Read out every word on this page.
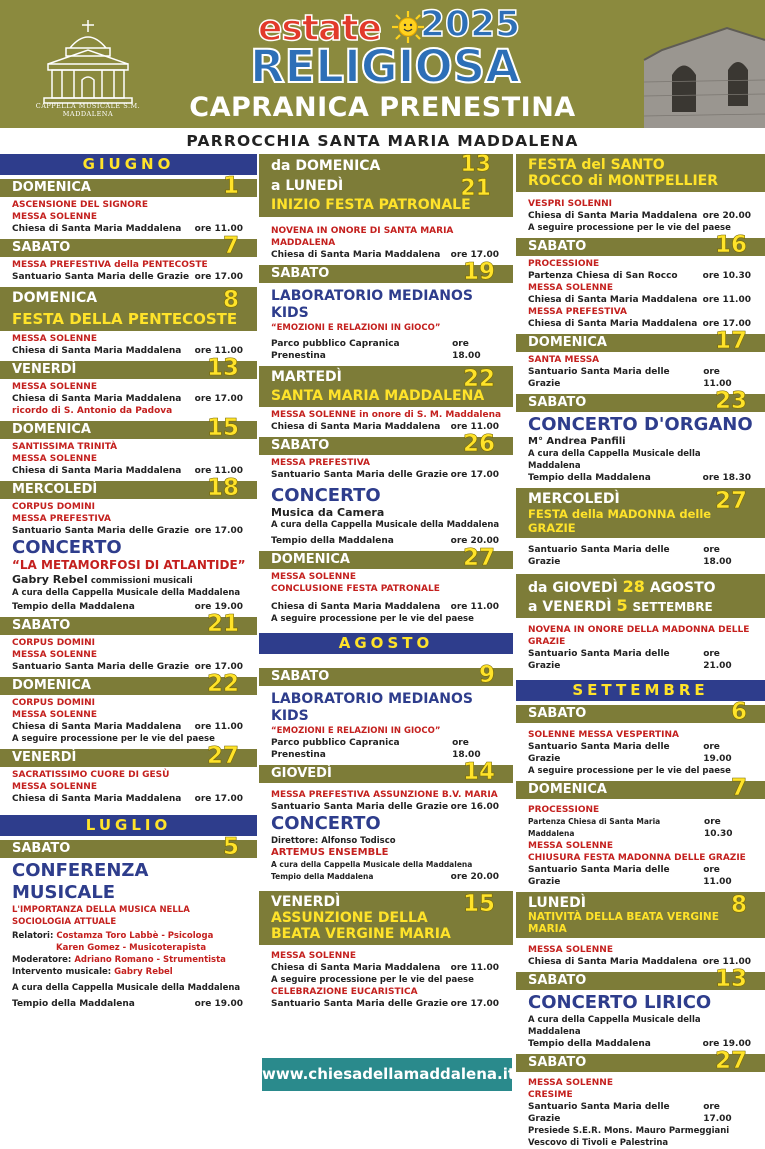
CAPPELLA MUSICALE S.M. MADDALENA
estate 2025
RELIGIOSA
CAPRANICA PRENESTINA
PARROCCHIA SANTA MARIA MADDALENA
GIUGNO
DOMENICA	1
ASCENSIONE DEL SIGNORE
MESSA SOLENNE
Chiesa di Santa Maria Maddalena ore 11.00
SABATO	7
MESSA PREFESTIVA della PENTECOSTE
Santuario Santa Maria delle Grazie ore 17.00
DOMENICA	8
FESTA DELLA PENTECOSTE
MESSA SOLENNE
Chiesa di Santa Maria Maddalena ore 11.00
VENERDÌ	13
MESSA SOLENNE
Chiesa di Santa Maria Maddalena ore 17.00
ricordo di S. Antonio da Padova
DOMENICA	15
SANTISSIMA TRINITÀ
MESSA SOLENNE
Chiesa di Santa Maria Maddalena ore 11.00
MERCOLEDÌ	18
CORPUS DOMINI
MESSA PREFESTIVA
Santuario Santa Maria delle Grazie ore 17.00
CONCERTO
“LA METAMORFOSI DI ATLANTIDE”
Gabry Rebel commissioni musicali
A cura della Cappella Musicale della Maddalena
Tempio della Maddalena	ore 19.00
SABATO	21
CORPUS DOMINI
MESSA SOLENNE
Santuario Santa Maria delle Grazie ore 17.00
DOMENICA	22
CORPUS DOMINI
MESSA SOLENNE
Chiesa di Santa Maria Maddalena ore 11.00
A seguire processione per le vie del paese
VENERDÌ	27
SACRATISSIMO CUORE DI GESÙ
MESSA SOLENNE
Chiesa di Santa Maria Maddalena ore 17.00
LUGLIO
SABATO	5
CONFERENZA MUSICALE
L'IMPORTANZA DELLA MUSICA NELLA SOCIOLOGIA ATTUALE
Relatori: Costamza Toro Labbè - Psicologa
Karen Gomez - Musicoterapista
Moderatore: Adriano Romano - Strumentista
Intervento musicale: Gabry Rebel
A cura della Cappella Musicale della Maddalena
Tempio della Maddalena	ore 19.00
da DOMENICA	13
a LUNEDÌ	21
INIZIO FESTA PATRONALE
NOVENA IN ONORE DI SANTA MARIA MADDALENA
Chiesa di Santa Maria Maddalena ore 17.00
SABATO	19
LABORATORIO MEDIANOS KIDS
“EMOZIONI E RELAZIONI IN GIOCO”
Parco pubblico Capranica Prenestina
ore 18.00
MARTEDÌ	22
SANTA MARIA MADDALENA
MESSA SOLENNE in onore di S. M. Maddalena
Chiesa di Santa Maria Maddalena ore 11.00
SABATO	26
MESSA PREFESTIVA
Santuario Santa Maria delle Grazie ore 17.00
CONCERTO
Musica da Camera
A cura della Cappella Musicale della Maddalena
Tempio della Maddalena	ore 20.00
DOMENICA	27
MESSA SOLENNE
CONCLUSIONE FESTA PATRONALE
Chiesa di Santa Maria Maddalena ore 11.00
A seguire processione per le vie del paese
AGOSTO
SABATO	9
LABORATORIO MEDIANOS KIDS
“EMOZIONI E RELAZIONI IN GIOCO”
Parco pubblico Capranica Prenestina
ore 18.00
GIOVEDÌ	14
MESSA PREFESTIVA ASSUNZIONE B.V. MARIA
Santuario Santa Maria delle Grazie ore 16.00
CONCERTO
Direttore: Alfonso Todisco
ARTEMUS ENSEMBLE
A cura della Cappella Musicale della Maddalena
Tempio della Maddalena	ore 20.00
VENERDÌ	15
ASSUNZIONE DELLA
BEATA VERGINE MARIA
MESSA SOLENNE
Chiesa di Santa Maria Maddalena ore 11.00
A seguire processione per le vie del paese
CELEBRAZIONE EUCARISTICA
Santuario Santa Maria delle Grazie ore 17.00
www.chiesadellamaddalena.it
FESTA del SANTO
ROCCO di MONTPELLIER
VESPRI SOLENNI
Chiesa di Santa Maria Maddalena ore 20.00
A seguire processione per le vie del paese
SABATO	16
PROCESSIONE
Partenza Chiesa di San Rocco	ore 10.30
MESSA SOLENNE
Chiesa di Santa Maria Maddalena ore 11.00
MESSA PREFESTIVA
Chiesa di Santa Maria Maddalena ore 17.00
DOMENICA	17
SANTA MESSA
Santuario Santa Maria delle Grazie
ore 11.00
SABATO	23
CONCERTO D'ORGANO
M° Andrea Panfili
A cura della Cappella Musicale della Maddalena
Tempio della Maddalena	ore 18.30
MERCOLEDÌ	27
FESTA della MADONNA delle GRAZIE
Santuario Santa Maria delle Grazie
ore 18.00
da GIOVEDÌ 28 AGOSTO
a VENERDÌ 5 SETTEMBRE
NOVENA IN ONORE DELLA MADONNA DELLE GRAZIE
Santuario Santa Maria delle Grazie
ore 21.00
SETTEMBRE
SABATO	6
SOLENNE MESSA VESPERTINA
Santuario Santa Maria delle Grazie
ore 19.00
A seguire processione per le vie del paese
DOMENICA	7
PROCESSIONE
Partenza Chiesa di Santa Maria Maddalena
ore 10.30
MESSA SOLENNE
CHIUSURA FESTA MADONNA DELLE GRAZIE
Santuario Santa Maria delle Grazie
ore 11.00
LUNEDÌ	8
NATIVITÀ DELLA BEATA VERGINE MARIA
MESSA SOLENNE
Chiesa di Santa Maria Maddalena ore 11.00
SABATO	13
CONCERTO LIRICO
A cura della Cappella Musicale della Maddalena
Tempio della Maddalena	ore 19.00
SABATO	27
MESSA SOLENNE
CRESIME
Santuario Santa Maria delle Grazie
ore 17.00
Presiede S.E.R. Mons. Mauro Parmeggiani
Vescovo di Tivoli e Palestrina
